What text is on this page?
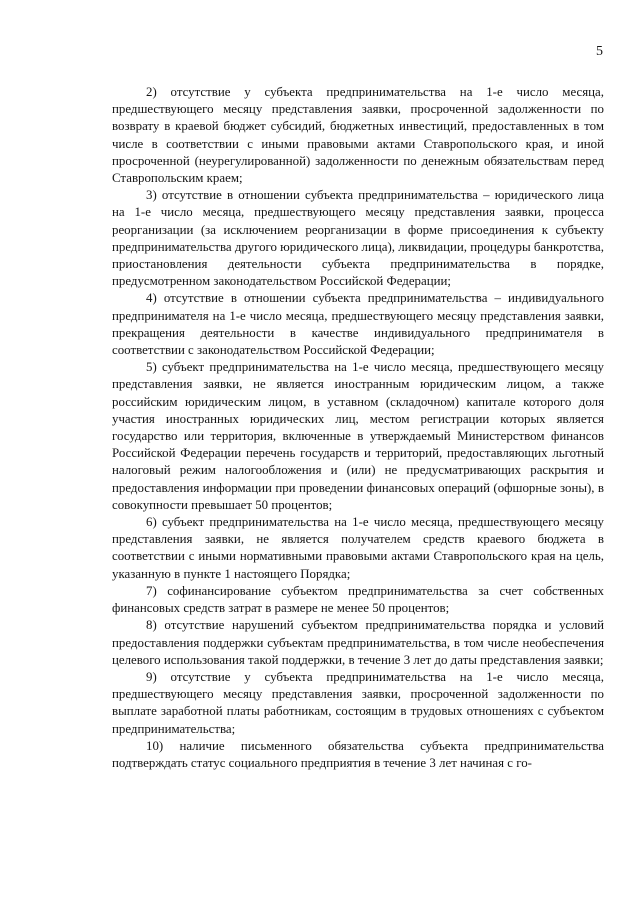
5

2) отсутствие у субъекта предпринимательства на 1-е число месяца, предшествующего месяцу представления заявки, просроченной задолженности по возврату в краевой бюджет субсидий, бюджетных инвестиций, предоставленных в том числе в соответствии с иными правовыми актами Ставропольского края, и иной просроченной (неурегулированной) задолженности по денежным обязательствам перед Ставропольским краем;

3) отсутствие в отношении субъекта предпринимательства – юридического лица на 1-е число месяца, предшествующего месяцу представления заявки, процесса реорганизации (за исключением реорганизации в форме присоединения к субъекту предпринимательства другого юридического лица), ликвидации, процедуры банкротства, приостановления деятельности субъекта предпринимательства в порядке, предусмотренном законодательством Российской Федерации;

4) отсутствие в отношении субъекта предпринимательства – индивидуального предпринимателя на 1-е число месяца, предшествующего месяцу представления заявки, прекращения деятельности в качестве индивидуального предпринимателя в соответствии с законодательством Российской Федерации;

5) субъект предпринимательства на 1-е число месяца, предшествующего месяцу представления заявки, не является иностранным юридическим лицом, а также российским юридическим лицом, в уставном (складочном) капитале которого доля участия иностранных юридических лиц, местом регистрации которых является государство или территория, включенные в утверждаемый Министерством финансов Российской Федерации перечень государств и территорий, предоставляющих льготный налоговый режим налогообложения и (или) не предусматривающих раскрытия и предоставления информации при проведении финансовых операций (офшорные зоны), в совокупности превышает 50 процентов;

6) субъект предпринимательства на 1-е число месяца, предшествующего месяцу представления заявки, не является получателем средств краевого бюджета в соответствии с иными нормативными правовыми актами Ставропольского края на цель, указанную в пункте 1 настоящего Порядка;

7) софинансирование субъектом предпринимательства за счет собственных финансовых средств затрат в размере не менее 50 процентов;

8) отсутствие нарушений субъектом предпринимательства порядка и условий предоставления поддержки субъектам предпринимательства, в том числе необеспечения целевого использования такой поддержки, в течение 3 лет до даты представления заявки;

9) отсутствие у субъекта предпринимательства на 1-е число месяца, предшествующего месяцу представления заявки, просроченной задолженности по выплате заработной платы работникам, состоящим в трудовых отношениях с субъектом предпринимательства;

10) наличие письменного обязательства субъекта предпринимательства подтверждать статус социального предприятия в течение 3 лет начиная с го-
